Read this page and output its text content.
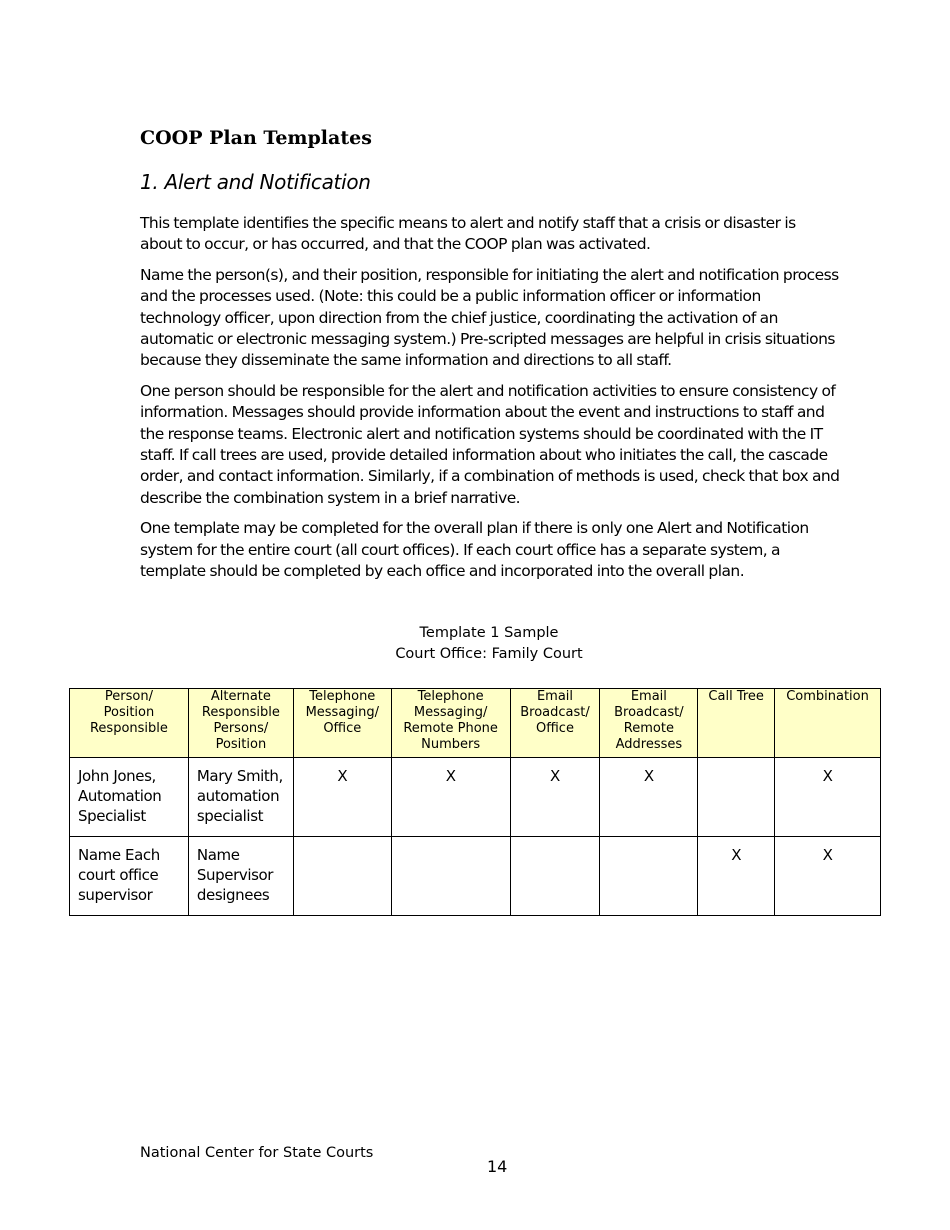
COOP Plan Templates
1. Alert and Notification

This template identifies the specific means to alert and notify staff that a crisis or disaster is about to occur, or has occurred, and that the COOP plan was activated.

Name the person(s), and their position, responsible for initiating the alert and notification process and the processes used. (Note: this could be a public information officer or information technology officer, upon direction from the chief justice, coordinating the activation of an automatic or electronic messaging system.) Pre-scripted messages are helpful in crisis situations because they disseminate the same information and directions to all staff.

One person should be responsible for the alert and notification activities to ensure consistency of information. Messages should provide information about the event and instructions to staff and the response teams. Electronic alert and notification systems should be coordinated with the IT staff. If call trees are used, provide detailed information about who initiates the call, the cascade order, and contact information. Similarly, if a combination of methods is used, check that box and describe the combination system in a brief narrative.

One template may be completed for the overall plan if there is only one Alert and Notification system for the entire court (all court offices). If each court office has a separate system, a template should be completed by each office and incorporated into the overall plan.

Template 1 Sample
Court Office: Family Court
Person/
Position
Responsible	Alternate
Responsible
Persons/
Position	Telephone
Messaging/
Office	Telephone
Messaging/
Remote Phone
Numbers	Email
Broadcast/
Office	Email
Broadcast/
Remote
Addresses	Call Tree	Combination
John Jones,
Automation
Specialist	Mary Smith,
automation
specialist	X	X	X	X		X
Name Each
court office
supervisor	Name
Supervisor
designees					X	X
National Center for State Courts
14
